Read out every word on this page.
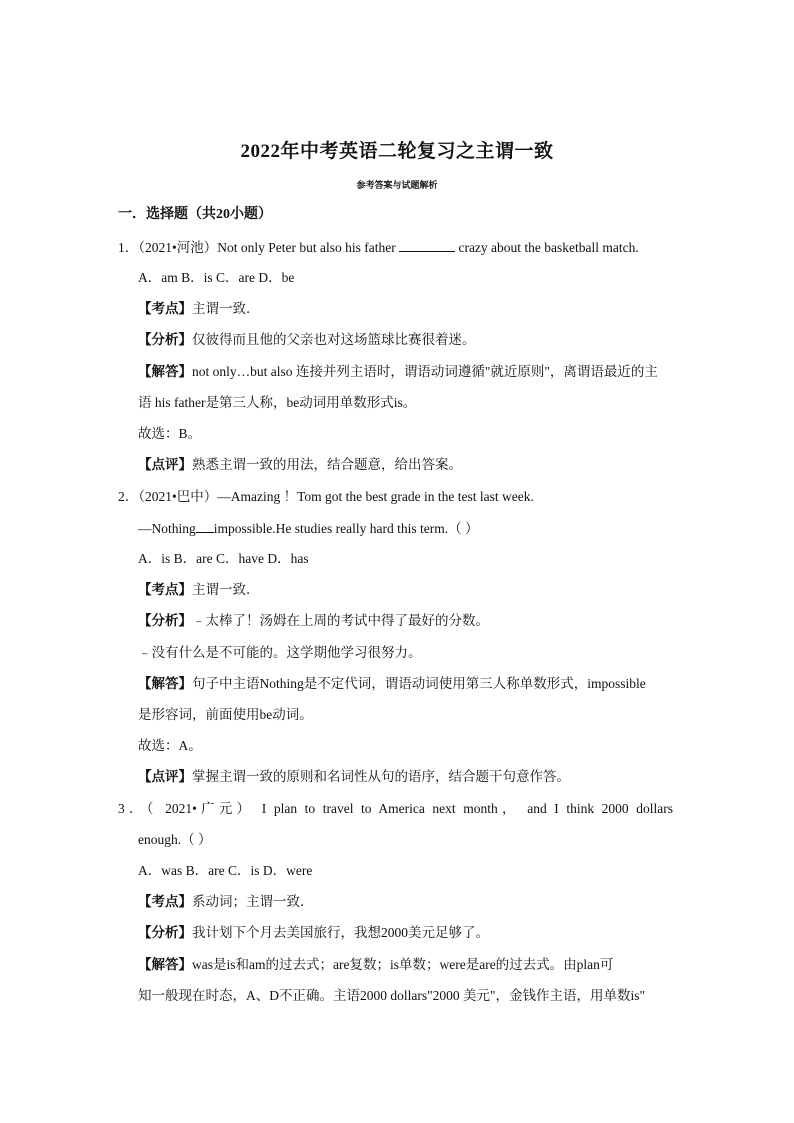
2022年中考英语二轮复习之主谓一致
参考答案与试题解析
一．选择题（共20小题）
1．（2021•河池）Not only Peter but also his father	crazy about the basketball match.
A．am B．is C．are D．be
【考点】主谓一致．
【分析】仅彼得而且他的父亲也对这场篮球比赛很着迷。
【解答】not only…but also 连接并列主语时，谓语动词遵循"就近原则"，离谓语最近的主
语 his father是第三人称，be动词用单数形式is。
故选：B。
【点评】熟悉主谓一致的用法，结合题意，给出答案。
2．（2021•巴中）—Amazing ！Tom got the best grade in the test last week.
—Nothing impossible.He studies really hard this term.（ ）
A．is B．are C．have D．has
【考点】主谓一致．
【分析】﹣太棒了！汤姆在上周的考试中得了最好的分数。
﹣没有什么是不可能的。这学期他学习很努力。
【解答】句子中主语Nothing是不定代词，谓语动词使用第三人称单数形式，impossible
是形容词，前面使用be动词。
故选：A。
【点评】掌握主谓一致的原则和名词性从句的语序，结合题干句意作答。
3．（ 2021•广元） I plan to travel to America next month， and I think 2000 dollars
enough.（ ）
A．was B．are C．is D．were
【考点】系动词；主谓一致．
【分析】我计划下个月去美国旅行，我想2000美元足够了。
【解答】was是is和am的过去式；are复数；is单数；were是are的过去式。由plan可
知一般现在时态，A、D不正确。主语2000 dollars"2000 美元"，金钱作主语，用单数is"
